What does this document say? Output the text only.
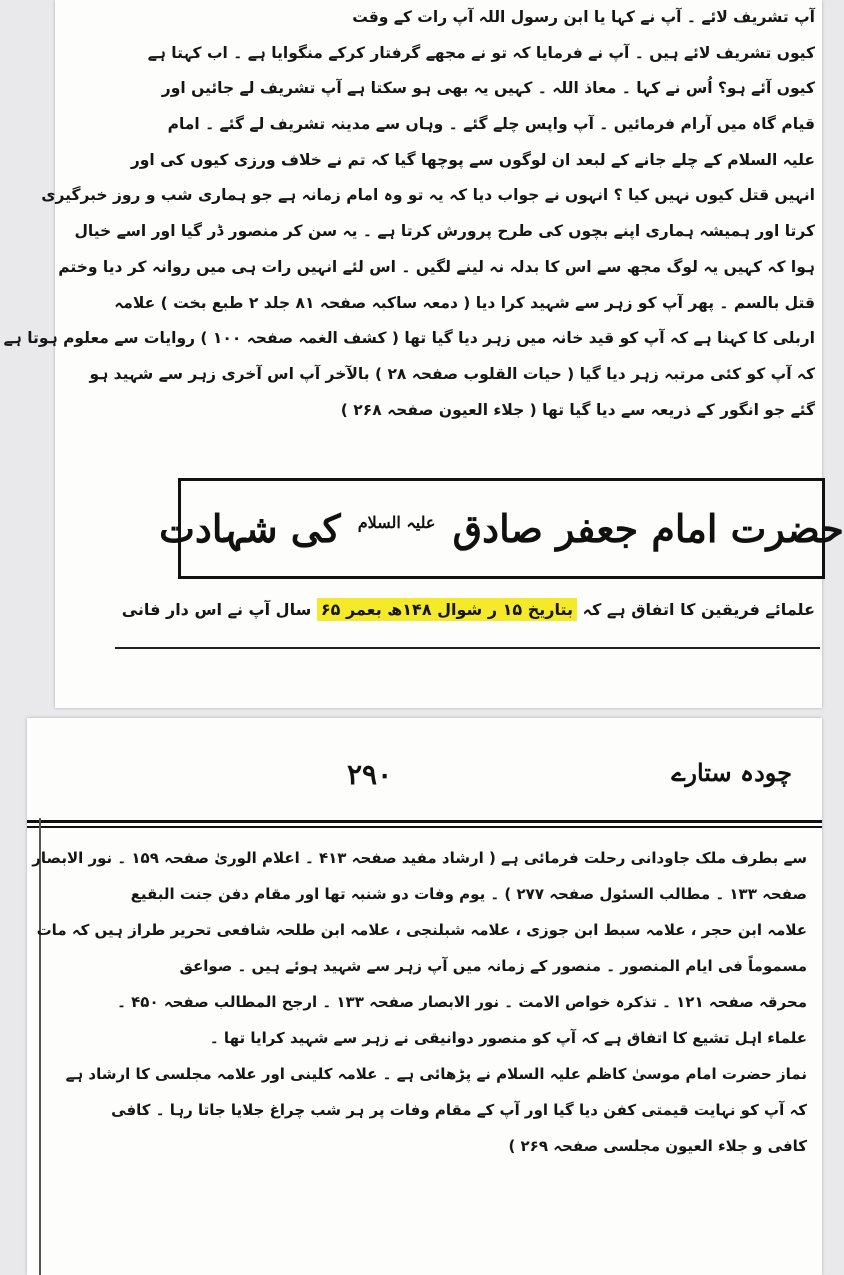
آپ تشریف لائے ۔ آپ نے کہا یا ابن رسول اللہ آپ رات کے وقت
کیوں تشریف لائے ہیں ۔ آپ نے فرمایا کہ تو نے مجھے گرفتار کرکے منگوایا ہے ۔ اب کہتا ہے
کیوں آئے ہو؟ اُس نے کہا ۔ معاذ اللہ ۔ کہیں یہ بھی ہو سکتا ہے آپ تشریف لے جائیں اور
قیام گاہ میں آرام فرمائیں ۔ آپ واپس چلے گئے ۔ وہاں سے مدینہ تشریف لے گئے ۔ امام
علیہ السلام کے چلے جانے کے لبعد ان لوگوں سے پوچھا گیا کہ تم نے خلاف ورزی کیوں کی اور
انہیں قتل کیوں نہیں کیا ؟ انہوں نے جواب دیا کہ یہ تو وہ امام زمانہ ہے جو ہماری شب و روز خبرگیری
کرتا اور ہمیشہ ہماری اپنے بچوں کی طرح پرورش کرتا ہے ۔ یہ سن کر منصور ڈر گیا اور اسے خیال
ہوا کہ کہیں یہ لوگ مجھ سے اس کا بدلہ نہ لینے لگیں ۔ اس لئے انہیں رات ہی میں روانہ کر دیا وختم
قتل بالسم ۔ پھر آپ کو زہر سے شہید کرا دیا ( دمعہ ساکبہ صفحہ ۸۱ جلد ۲ طبع بخت ) علامہ
اربلی کا کہنا ہے کہ آپ کو قید خانہ میں زہر دیا گیا تھا ( کشف الغمہ صفحہ ۱۰۰ ) روایات سے معلوم ہوتا ہے
کہ آپ کو کئی مرتبہ زہر دیا گیا ( حیات القلوب صفحہ ۲۸ ) بالآخر آپ اس آخری زہر سے شہید ہو
گئے جو انگور کے ذریعہ سے دیا گیا تھا ( جلاء العیون صفحہ ۲۶۸ )
حضرت امام جعفر صادق $^{علیہ السلام}$ کی شہادت
علمائے فریقین کا اتفاق ہے کہ بتاریخ ۱۵ ر شوال ۱۴۸ھ بعمر ۶۵ سال آپ نے اس دار فانی
۲۹۰	چودہ ستارے
سے بطرف ملک جاودانی رحلت فرمائی ہے ( ارشاد مفید صفحہ ۴۱۳ ۔ اعلام الوریٰ صفحہ ۱۵۹ ۔ نور الابصار
صفحہ ۱۳۳ ۔ مطالب السئول صفحہ ۲۷۷ ) ۔ یوم وفات دو شنبہ تھا اور مقام دفن جنت البقیع
علامہ ابن حجر ، علامہ سبط ابن جوزی ، علامہ شبلنجی ، علامہ ابن طلحہ شافعی تحریر طراز ہیں کہ مات
مسموماً فی ایام المنصور ۔ منصور کے زمانہ میں آپ زہر سے شہید ہوئے ہیں ۔ صواعق
محرقہ صفحہ ۱۲۱ ۔ تذکرہ خواص الامت ۔ نور الابصار صفحہ ۱۳۳ ۔ ارجح المطالب صفحہ ۴۵۰ ۔
علماء اہل تشیع کا اتفاق ہے کہ آپ کو منصور دوانیقی نے زہر سے شہید کرایا تھا ۔
نماز حضرت امام موسیٰ کاظم علیہ السلام نے پڑھائی ہے ۔ علامہ کلینی اور علامہ مجلسی کا ارشاد ہے
کہ آپ کو نہایت قیمتی کفن دیا گیا اور آپ کے مقام وفات پر ہر شب چراغ جلایا جاتا رہا ۔ کافی
کافی و جلاء العیون مجلسی صفحہ ۲۶۹ )
